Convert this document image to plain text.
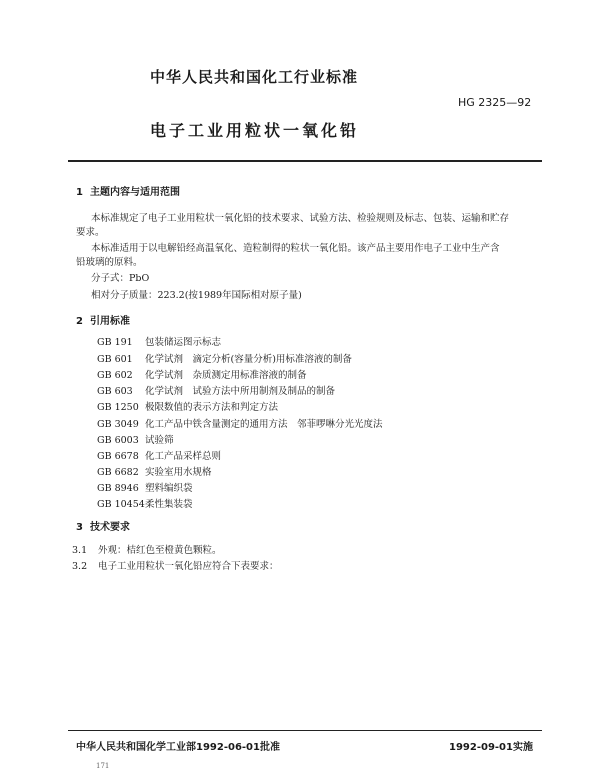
中华人民共和国化工行业标准
HG 2325—92
电子工业用粒状一氧化铅
1 主题内容与适用范围
本标准规定了电子工业用粒状一氧化铅的技术要求、试验方法、检验规则及标志、包装、运输和贮存
要求。
本标准适用于以电解铅经高温氧化、造粒制得的粒状一氧化铅。该产品主要用作电子工业中生产含
铅玻璃的原料。
分子式：PbO
相对分子质量：223.2(按1989年国际相对原子量)
2 引用标准
GB 191 包装储运图示标志
GB 601 化学试剂　滴定分析(容量分析)用标准溶液的制备
GB 602 化学试剂　杂质测定用标准溶液的制备
GB 603 化学试剂　试验方法中所用制剂及制品的制备
GB 1250 极限数值的表示方法和判定方法
GB 3049 化工产品中铁含量测定的通用方法　邻菲啰啉分光光度法
GB 6003 试验筛
GB 6678 化工产品采样总则
GB 6682 实验室用水规格
GB 8946 塑料编织袋
GB 10454柔性集装袋
3 技术要求
3.1 外观：桔红色至橙黄色颗粒。
3.2 电子工业用粒状一氧化铅应符合下表要求：
中华人民共和国化学工业部1992-06-01批准	1992-09-01实施
171
